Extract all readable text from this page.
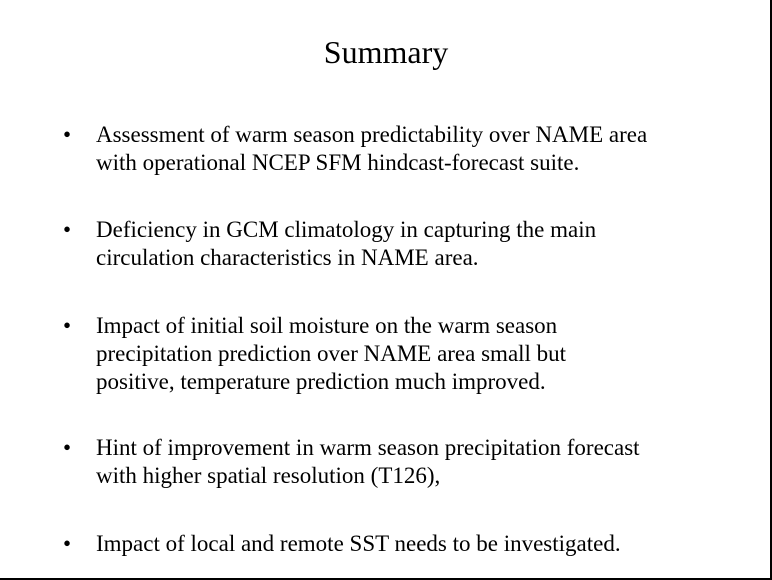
Summary
• Assessment of warm season predictability over NAME area
with operational NCEP SFM hindcast-forecast suite.
• Deficiency in GCM climatology in capturing the main
circulation characteristics in NAME area.
• Impact of initial soil moisture on the warm season
precipitation prediction over NAME area small but
positive, temperature prediction much improved.
• Hint of improvement in warm season precipitation forecast
with higher spatial resolution (T126),
• Impact of local and remote SST needs to be investigated.
